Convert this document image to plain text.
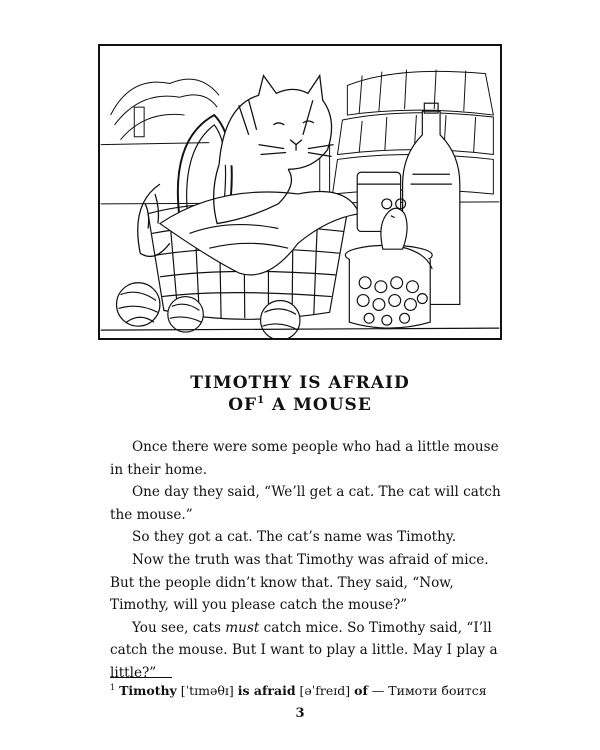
TIMOTHY IS AFRAID
$OF^1$ A MOUSE

Once there were some people who had a little mouse in their home.

One day they said, “We’ll get a cat. The cat will catch the mouse.”

So they got a cat. The cat’s name was Timothy.

Now the truth was that Timothy was afraid of mice. But the people didn’t know that. They said, “Now, Timothy, will you please catch the mouse?”

You see, cats must catch mice. So Timothy said, “I’ll catch the mouse. But I want to play a little. May I play a little?”

$^1$ Timothy [ˈtɪməθɪ] is afraid [əˈfreɪd] of — Тимоти боится
3
